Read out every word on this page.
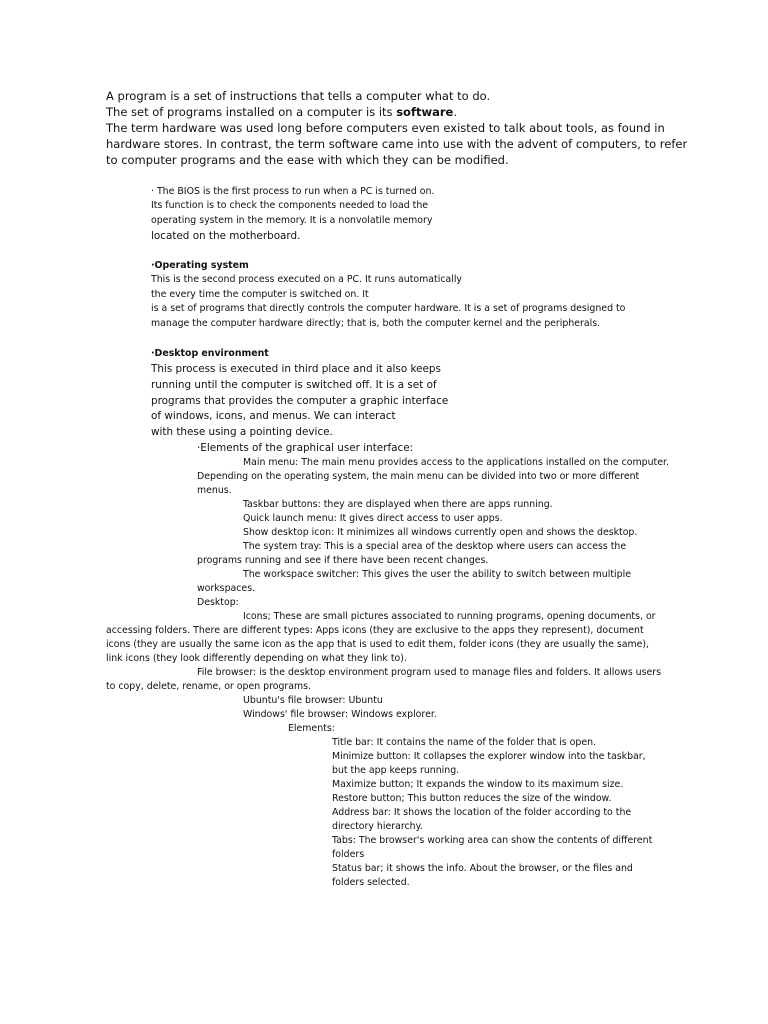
A program is a set of instructions that tells a computer what to do.
The set of programs installed on a computer is its software.
The term hardware was used long before computers even existed to talk about tools, as found in
hardware stores. In contrast, the term software came into use with the advent of computers, to refer
to computer programs and the ease with which they can be modified.
· The BIOS is the first process to run when a PC is turned on.
Its function is to check the components needed to load the
operating system in the memory. It is a nonvolatile memory
located on the motherboard.
·Operating system
This is the second process executed on a PC. It runs automatically
the every time the computer is switched on. It
is a set of programs that directly controls the computer hardware. It is a set of programs designed to
manage the computer hardware directly; that is, both the computer kernel and the peripherals.
·Desktop environment
This process is executed in third place and it also keeps
running until the computer is switched off. It is a set of
programs that provides the computer a graphic interface
of windows, icons, and menus. We can interact
with these using a pointing device.
·Elements of the graphical user interface:
Main menu: The main menu provides access to the applications installed on the computer.
Depending on the operating system, the main menu can be divided into two or more different
menus.
Taskbar buttons: they are displayed when there are apps running.
Quick launch menu: It gives direct access to user apps.
Show desktop icon: It minimizes all windows currently open and shows the desktop.
The system tray: This is a special area of the desktop where users can access the
programs running and see if there have been recent changes.
The workspace switcher: This gives the user the ability to switch between multiple
workspaces.
Desktop:
Icons; These are small pictures associated to running programs, opening documents, or
accessing folders. There are different types: Apps icons (they are exclusive to the apps they represent), document
icons (they are usually the same icon as the app that is used to edit them, folder icons (they are usually the same),
link icons (they look differently depending on what they link to).
File browser: is the desktop environment program used to manage files and folders. It allows users
to copy, delete, rename, or open programs.
Ubuntu's file browser: Ubuntu
Windows' file browser: Windows explorer.
Elements:
Title bar: It contains the name of the folder that is open.
Minimize button: It collapses the explorer window into the taskbar,
but the app keeps running.
Maximize button; It expands the window to its maximum size.
Restore button; This button reduces the size of the window.
Address bar: It shows the location of the folder according to the
directory hierarchy.
Tabs: The browser's working area can show the contents of different
folders
Status bar; it shows the info. About the browser, or the files and
folders selected.
